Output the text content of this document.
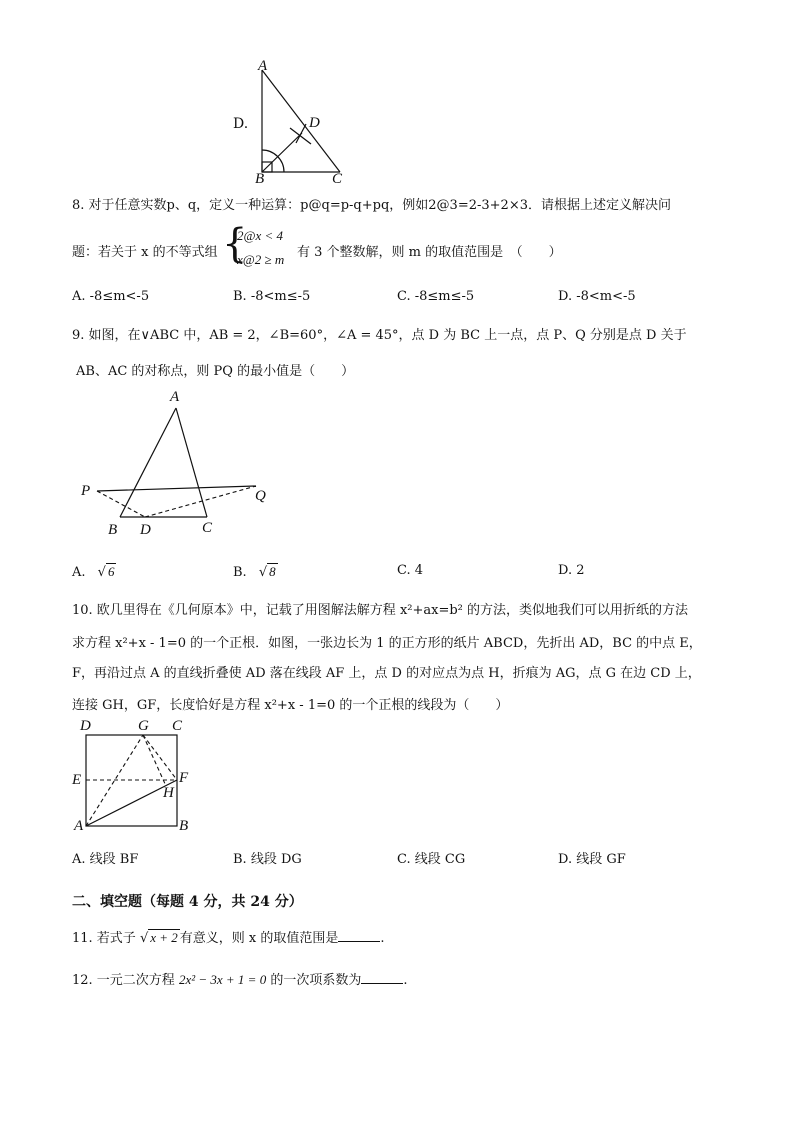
D.
A
D
B	C
8. 对于任意实数p、q，定义一种运算：p@q=p-q+pq，例如2@3=2-3+2×3．请根据上述定义解决问
题：若关于 x 的不等式组 {
2@x < 4
x@2 ≥ m 有 3 个整数解，则 m 的取值范围是　（　　）
A. -8≤m<-5	B. -8<m≤-5	C. -8≤m≤-5	D. -8<m<-5
9. 如图，在∨ABC 中，AB = 2，∠B=60°，∠A = 45°，点 D 为 BC 上一点，点 P、Q 分别是点 D 关于
AB、AC 的对称点，则 PQ 的最小值是（　　）
A
P	Q
B D	C
A. √ 6	B. √ 8	C. 4	D. 2
10. 欧几里得在《几何原本》中，记载了用图解法解方程 x²+ax=b² 的方法，类似地我们可以用折纸的方法
求方程 x²+x - 1=0 的一个正根．如图，一张边长为 1 的正方形的纸片 ABCD，先折出 AD，BC 的中点 E，
F，再沿过点 A 的直线折叠使 AD 落在线段 AF 上，点 D 的对应点为点 H，折痕为 AG，点 G 在边 CD 上，
连接 GH，GF，长度恰好是方程 x²+x - 1=0 的一个正根的线段为（　　）
D	G C
E	F
H
A	B
A. 线段 BF	B. 线段 DG	C. 线段 CG	D. 线段 GF
二、填空题（每题 4 分，共 24 分）
11. 若式子 √ x + 2 有意义，则 x 的取值范围是	.
12. 一元二次方程 2x² − 3x + 1 = 0 的一次项系数为	.
